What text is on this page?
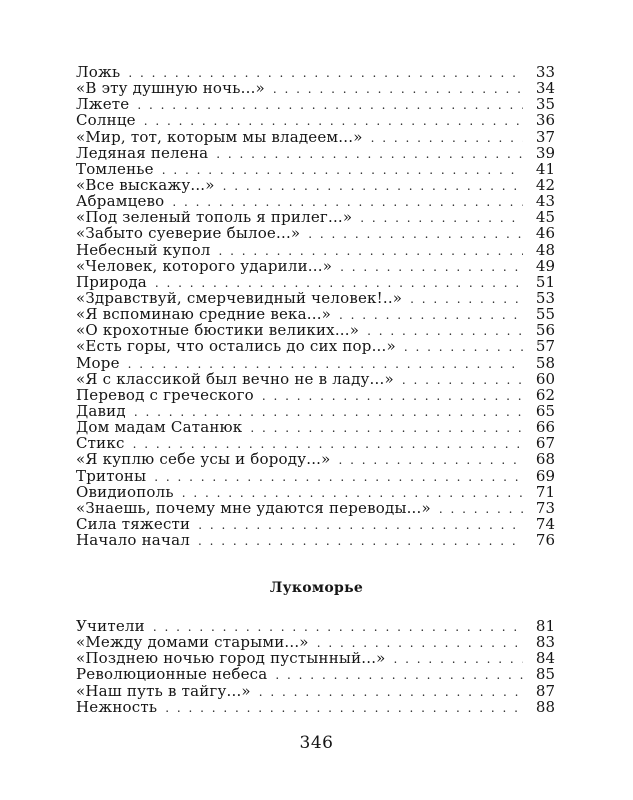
Ложь . . .	33
«В эту душную ночь...» . . .	34
Лжете . . .	35
Солнце . . .	36
«Мир, тот, которым мы владеем...» . . .	37
Ледяная пелена . . .	39
Томленье . . .	41
«Все выскажу...» . . .	42
Абрамцево . . .	43
«Под зеленый тополь я прилег...» . . .	45
«Забыто суеверие былое...» . . .	46
Небесный купол . . .	48
«Человек, которого ударили...» . . .	49
Природа . . .	51
«Здравствуй, смерчевидный человек!..» . . .	53
«Я вспоминаю средние века...» . . .	55
«О крохотные бюстики великих...» . . .	56
«Есть горы, что остались до сих пор...» . . .	57
Море . . .	58
«Я с классикой был вечно не в ладу...» . . .	60
Перевод с греческого . . .	62
Давид . . .	65
Дом мадам Сатанюк . . .	66
Стикс . . .	67
«Я куплю себе усы и бороду...» . . .	68
Тритоны . . .	69
Овидиополь . . .	71
«Знаешь, почему мне удаются переводы...» . . .	73
Сила тяжести . . .	74
Начало начал . . .	76
Лукоморье
Учители . . .	81
«Между домами старыми...» . . .	83
«Позднею ночью город пустынный...» . . .	84
Революционные небеса . . .	85
«Наш путь в тайгу...» . . .	87
Нежность . . .	88
346
